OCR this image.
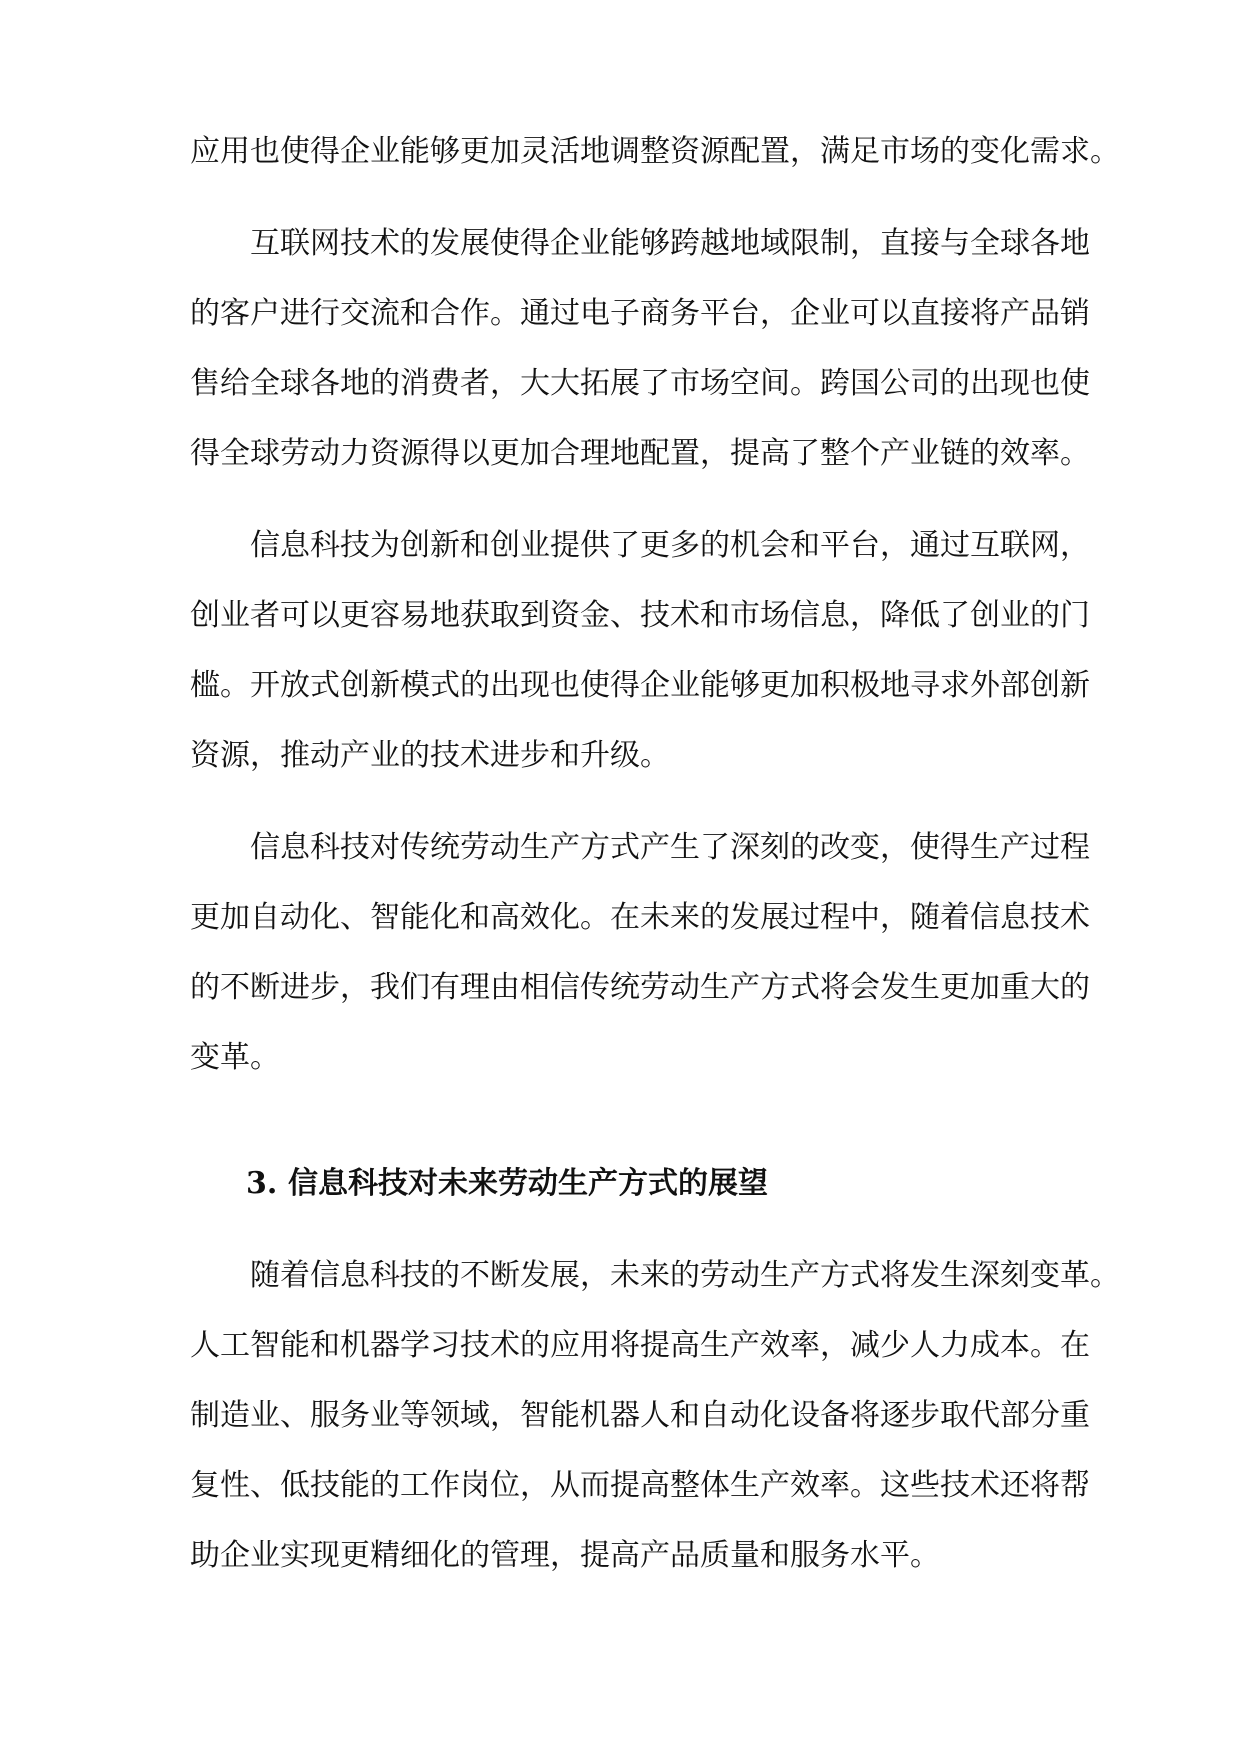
应用也使得企业能够更加灵活地调整资源配置，满足市场的变化需求。
互联网技术的发展使得企业能够跨越地域限制，直接与全球各地
的客户进行交流和合作。通过电子商务平台，企业可以直接将产品销
售给全球各地的消费者，大大拓展了市场空间。跨国公司的出现也使
得全球劳动力资源得以更加合理地配置，提高了整个产业链的效率。
信息科技为创新和创业提供了更多的机会和平台，通过互联网，
创业者可以更容易地获取到资金、技术和市场信息，降低了创业的门
槛。开放式创新模式的出现也使得企业能够更加积极地寻求外部创新
资源，推动产业的技术进步和升级。
信息科技对传统劳动生产方式产生了深刻的改变，使得生产过程
更加自动化、智能化和高效化。在未来的发展过程中，随着信息技术
的不断进步，我们有理由相信传统劳动生产方式将会发生更加重大的
变革。
3. 信息科技对未来劳动生产方式的展望
随着信息科技的不断发展，未来的劳动生产方式将发生深刻变革。
人工智能和机器学习技术的应用将提高生产效率，减少人力成本。在
制造业、服务业等领域，智能机器人和自动化设备将逐步取代部分重
复性、低技能的工作岗位，从而提高整体生产效率。这些技术还将帮
助企业实现更精细化的管理，提高产品质量和服务水平。
